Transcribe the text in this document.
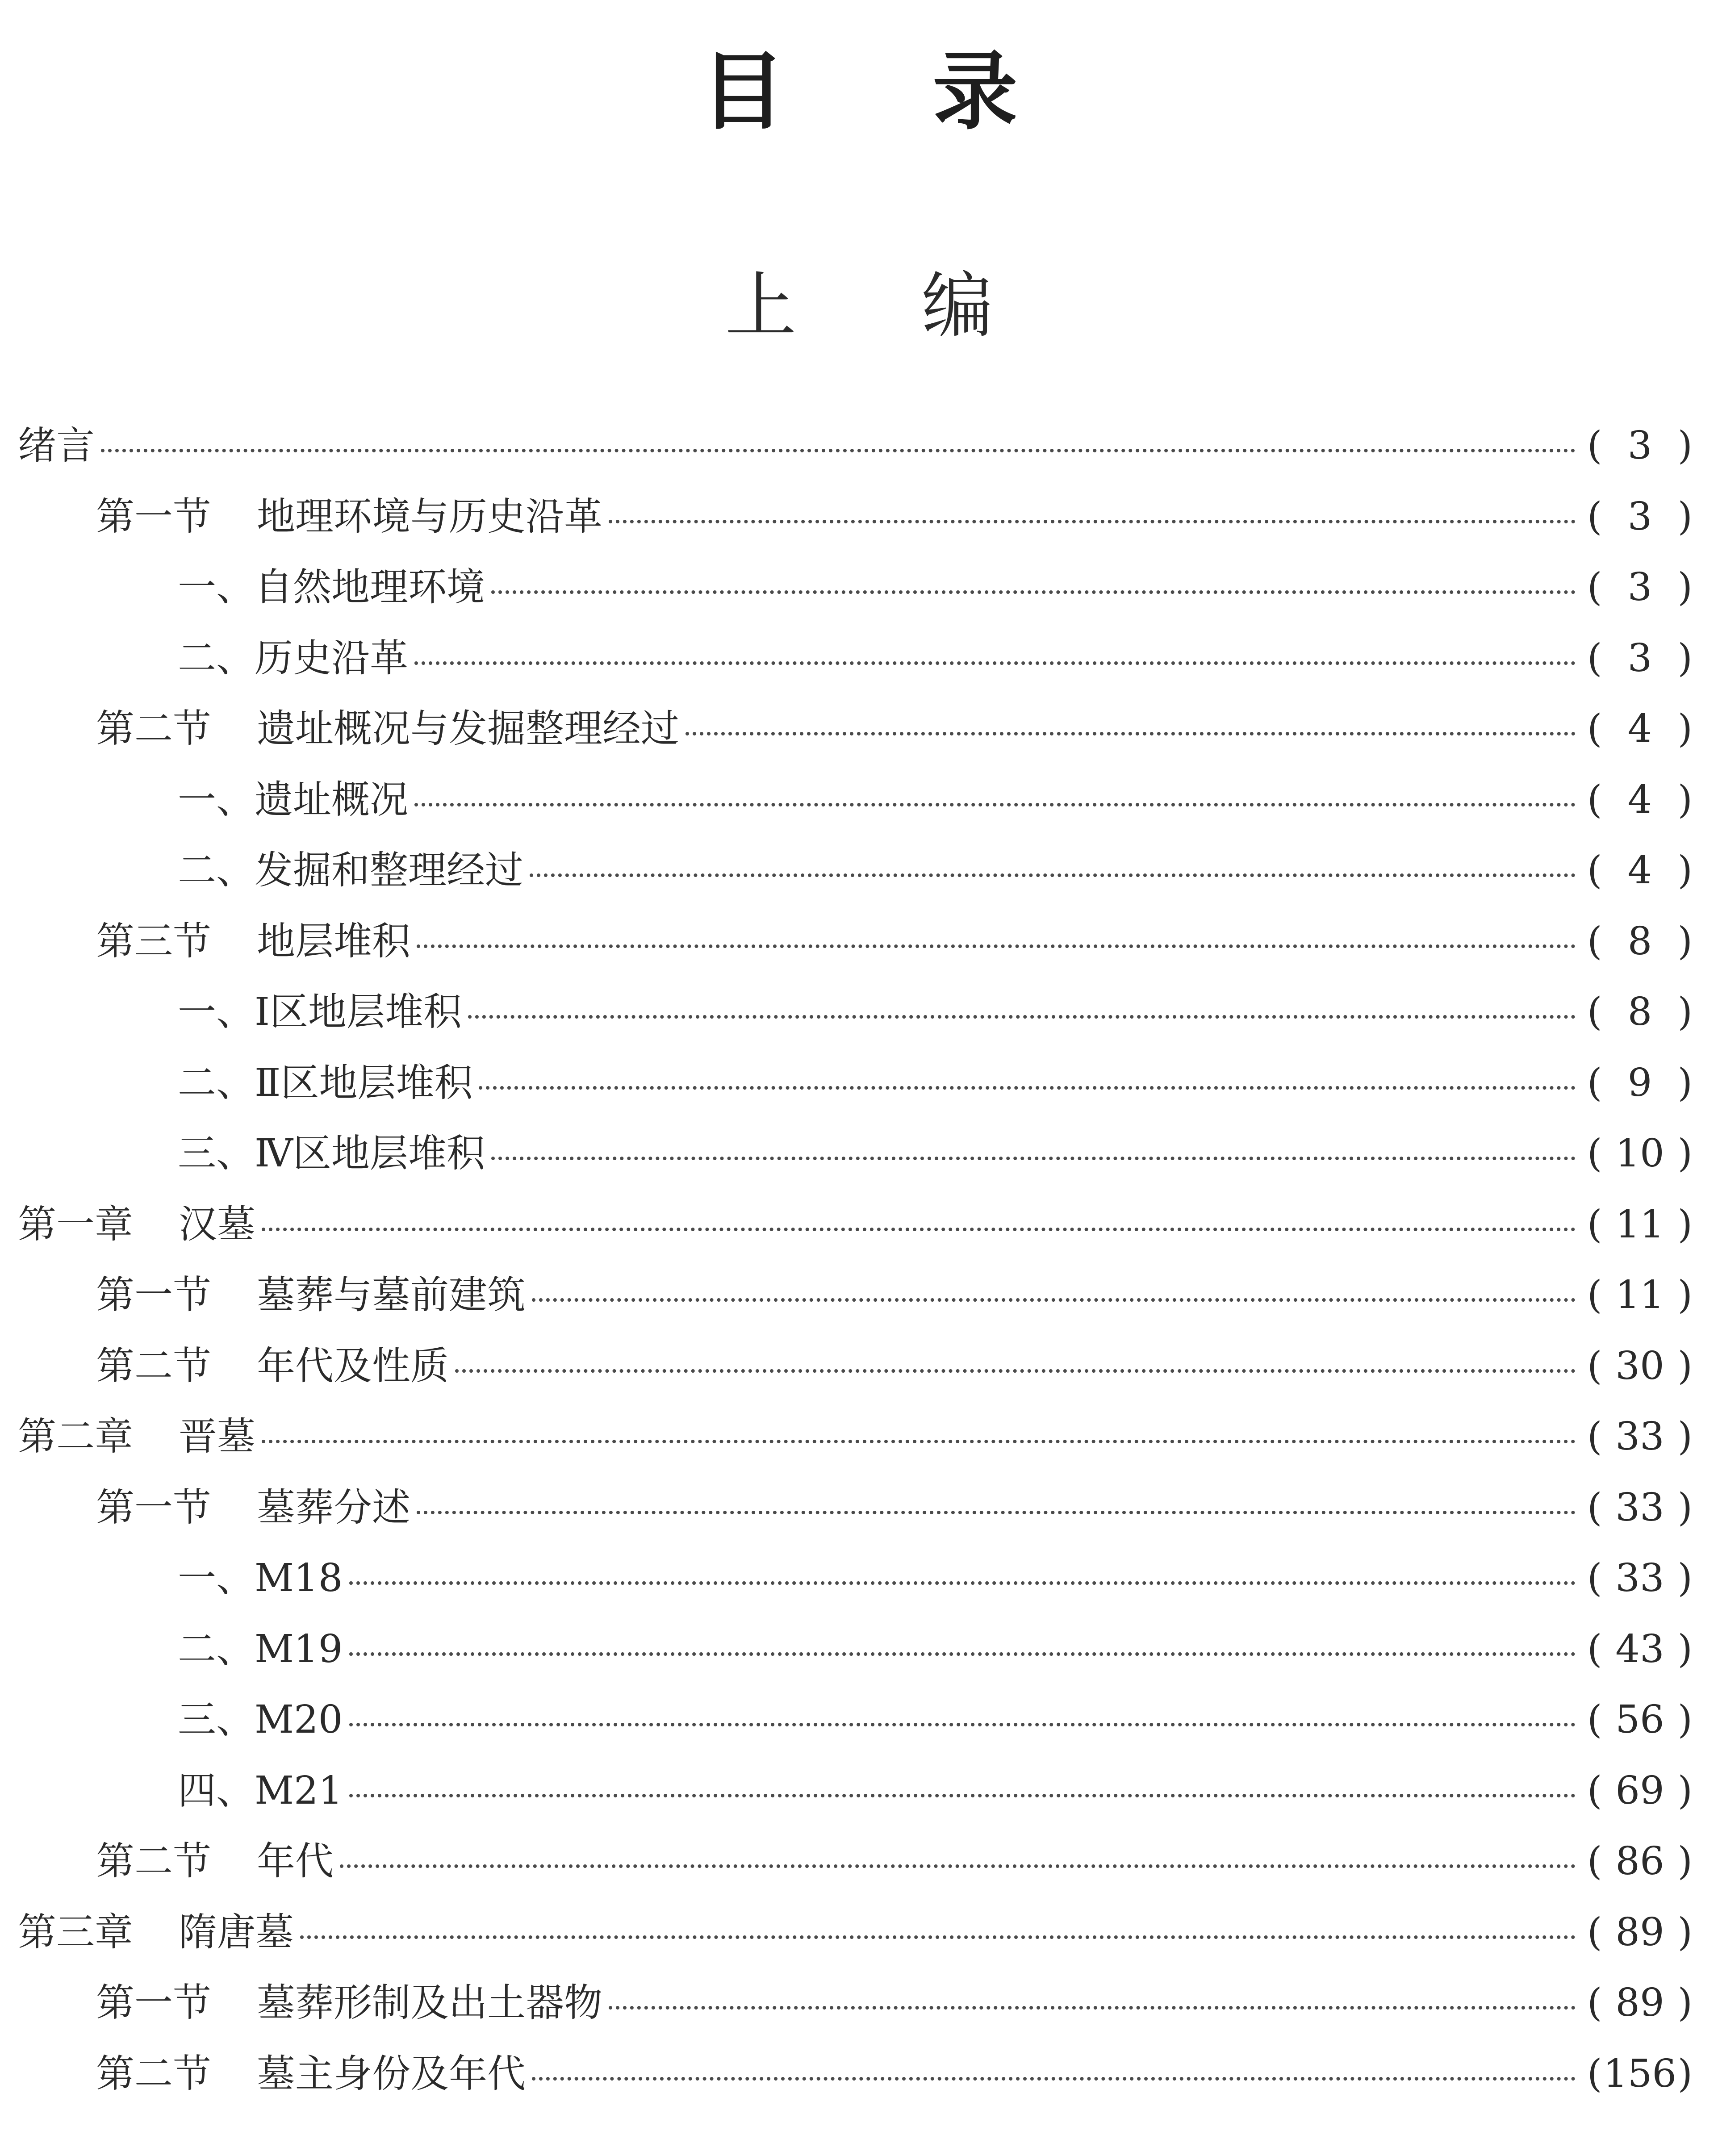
目录
上编
绪言	( 3 )
第一节	地理环境与历史沿革	( 3 )
一、 自然地理环境	( 3 )
二、 历史沿革	( 3 )
第二节	遗址概况与发掘整理经过	( 4 )
一、 遗址概况	( 4 )
二、 发掘和整理经过	( 4 )
第三节	地层堆积	( 8 )
一、 Ⅰ区地层堆积	( 8 )
二、 Ⅱ区地层堆积	( 9 )
三、 Ⅳ区地层堆积	( 10 )
第一章	汉墓	( 11 )
第一节	墓葬与墓前建筑	( 11 )
第二节	年代及性质	( 30 )
第二章	晋墓	( 33 )
第一节	墓葬分述	( 33 )
一、 M18	( 33 )
二、 M19	( 43 )
三、 M20	( 56 )
四、 M21	( 69 )
第二节	年代	( 86 )
第三章	隋唐墓	( 89 )
第一节	墓葬形制及出土器物	( 89 )
第二节	墓主身份及年代	( 156 )
